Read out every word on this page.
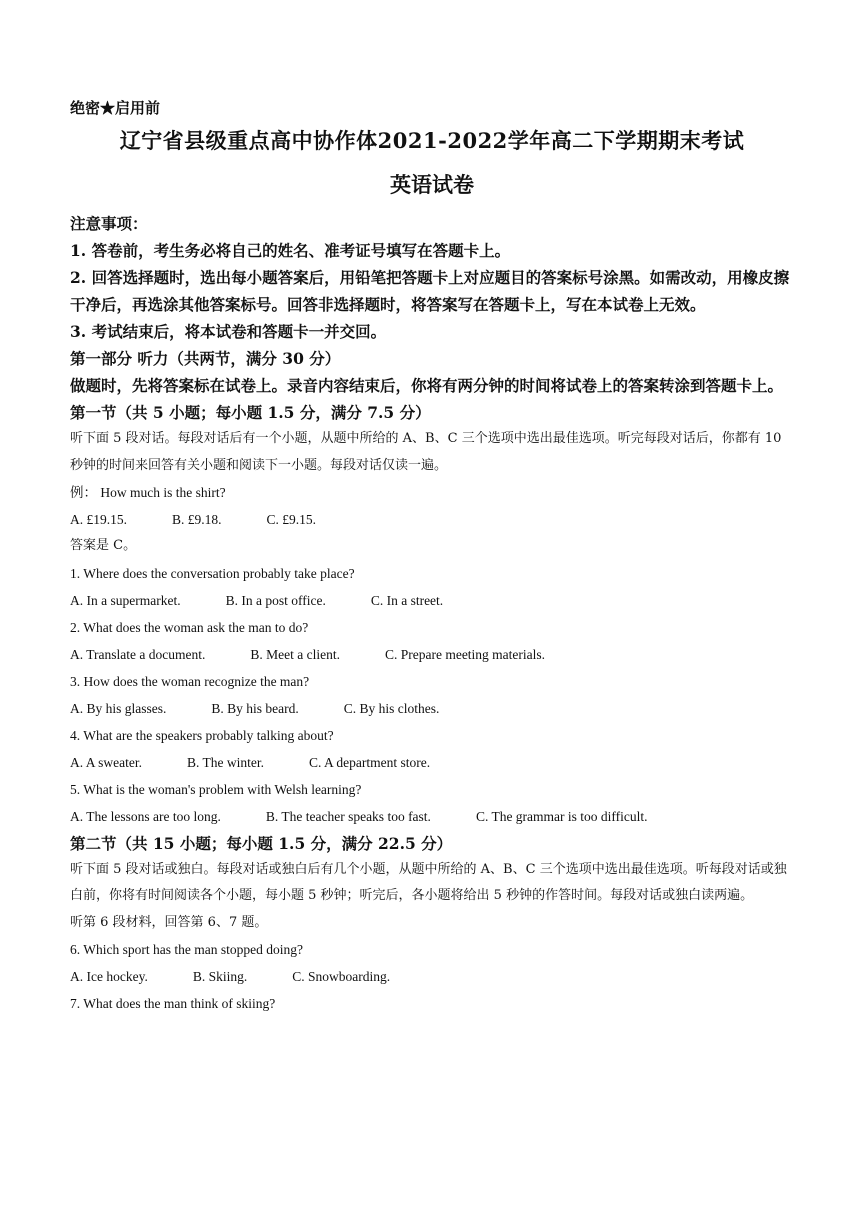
绝密★启用前

辽宁省县级重点高中协作体2021-2022学年高二下学期期末考试

英语试卷

注意事项：

1. 答卷前，考生务必将自己的姓名、准考证号填写在答题卡上。

2. 回答选择题时，选出每小题答案后，用铅笔把答题卡上对应题目的答案标号涂黑。如需改动，用橡皮擦干净后，再选涂其他答案标号。回答非选择题时，将答案写在答题卡上，写在本试卷上无效。

3. 考试结束后，将本试卷和答题卡一并交回。

第一部分 听力（共两节，满分 30 分）

做题时，先将答案标在试卷上。录音内容结束后，你将有两分钟的时间将试卷上的答案转涂到答题卡上。

第一节（共 5 小题；每小题 1.5 分，满分 7.5 分）

听下面 5 段对话。每段对话后有一个小题，从题中所给的 A、B、C 三个选项中选出最佳选项。听完每段对话后，你都有 10 秒钟的时间来回答有关小题和阅读下一小题。每段对话仅读一遍。

例： How much is the shirt?

A. £19.15.	B. £9.18.	C. £9.15.

答案是 C。

1. Where does the conversation probably take place?

A. In a supermarket.	B. In a post office.	C. In a street.

2. What does the woman ask the man to do?

A. Translate a document.	B. Meet a client.	C. Prepare meeting materials.

3. How does the woman recognize the man?

A. By his glasses.	B. By his beard.	C. By his clothes.

4. What are the speakers probably talking about?

A. A sweater.	B. The winter.	C. A department store.

5. What is the woman's problem with Welsh learning?

A. The lessons are too long.	B. The teacher speaks too fast.	C. The grammar is too difficult.

第二节（共 15 小题；每小题 1.5 分，满分 22.5 分）

听下面 5 段对话或独白。每段对话或独白后有几个小题，从题中所给的 A、B、C 三个选项中选出最佳选项。听每段对话或独白前，你将有时间阅读各个小题，每小题 5 秒钟；听完后，各小题将给出 5 秒钟的作答时间。每段对话或独白读两遍。

听第 6 段材料，回答第 6、7 题。

6. Which sport has the man stopped doing?

A. Ice hockey.	B. Skiing.	C. Snowboarding.

7. What does the man think of skiing?
